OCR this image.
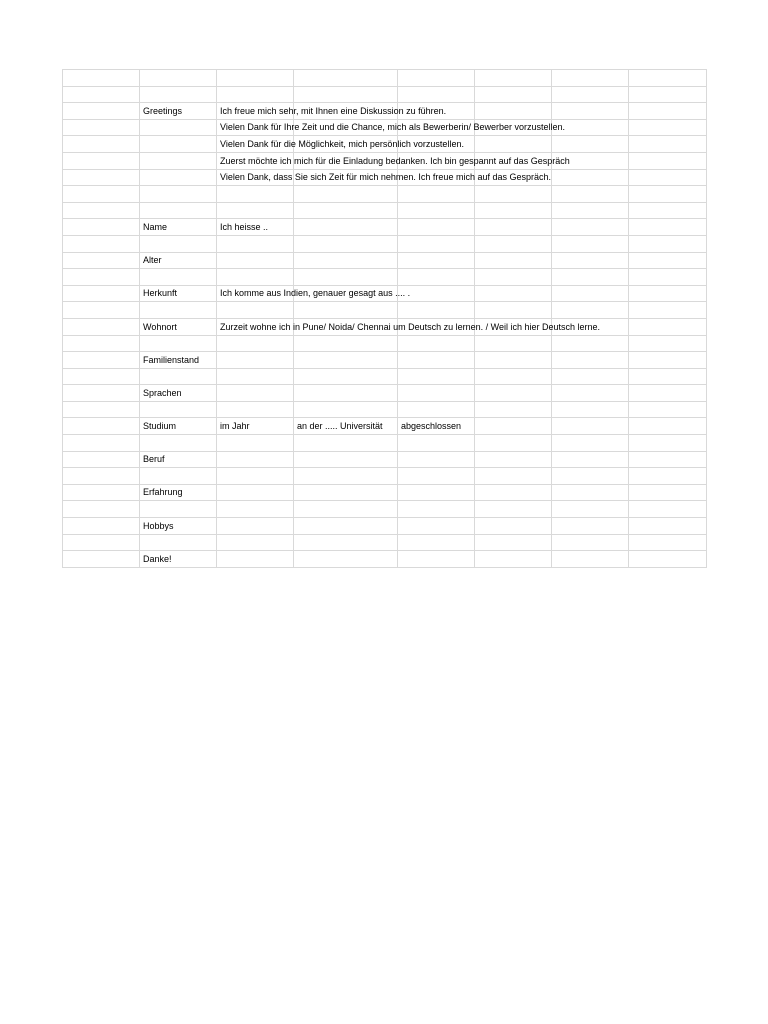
	Greetings	Ich freue mich sehr, mit Ihnen eine Diskussion zu führen.					

		Vielen Dank für Ihre Zeit und die Chance, mich als Bewerberin/ Bewerber vorzustellen.					

		Vielen Dank für die Möglichkeit, mich persönlich vorzustellen.					

		Zuerst möchte ich mich für die Einladung bedanken. Ich bin gespannt auf das Gespräch					

		Vielen Dank, dass Sie sich Zeit für mich nehmen. Ich freue mich auf das Gespräch.					

	Name	Ich heisse ..					

	Alter	

	Herkunft	Ich komme aus Indien, genauer gesagt aus .... .					

	Wohnort	Zurzeit wohne ich in Pune/ Noida/ Chennai um Deutsch zu lernen. / Weil ich hier Deutsch lerne.					

	Familienstand	

	Sprachen	

	Studium	im Jahr	an der ..... Universität	abgeschlossen			

	Beruf	

	Erfahrung	

	Hobbys	

	Danke!	
